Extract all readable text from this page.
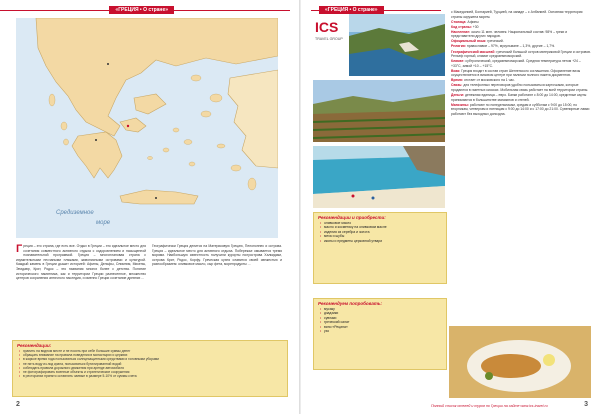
«ГРЕЦИЯ • О стране»
Средиземное
море
Г реция – это страна, где есть все. Отдых в Греции – это идеальное место для сочетания совместного активного отдыха с оздоровлением и насыщенной познавательной программой. Греция – многоплановая страна с изумительными песчаными пляжами, живописными островами и культурой. Каждый камень в Греции дышит историей: Афины, Дельфы, Олимпия, Микены, Эпидавр, Крит, Родос – это названия многих более с детства. Понятие исторического памятника, как и территории Греции разнесенное, множество центров сохранения античного наследия, и именно Греции сочетание древних ...
Географически Греция делится на Материковую Грецию, Пелопоннес и острова. Греция – идеальное место для активного отдыха. Побережье омывается тремя морями. Наибольшую известность получили курорты полуострова Халкидики, острова Крит, Родос, Корфу. Греческая кухня славится своей свежестью и разнообразием: оливковое масло, сыр фета, морепродукты ...
Рекомендации:
• хранить на видном месте и не носить при себе большие суммы денег
• обращать внимание на правила поведения в монастырях и церквях
• в жаркое время года пользоваться солнцезащитными средствами и головными уборами
• не пить воду из-под крана, пользоваться бутилированной водой
• соблюдать правила дорожного движения при аренде автомобиля
• не фотографировать военные объекты и стратегические сооружения
• в ресторанах принято оставлять чаевые в размере 5-10% от суммы счета
2
«ГРЕЦИЯ • О стране»
ICS
TRAVEL GROUP

с Македонией, Болгарией, Турцией, на западе – с Албанией. Основная территория страны окружена морем.

Столица: Афины

Код страны: +30

Население: около 11 млн. человек. Национальный состав: 98% – греки и представители других народов.

Официальный язык: греческий.

Религия: православие – 97%, мусульмане – 1,3%, другие – 1,7%.

Географический масштаб: греческий большой остров материковой Греции и островов. Рельеф горный, климат средиземноморский.

Климат: субтропический, средиземноморский. Средняя температура летом +24 – +33°С, зимой +10 – +15°С.

Виза: Греция входит в состав стран Шенгенского соглашения. Оформление визы осуществляется в визовом центре при наличии полного пакета документов.

Время: отстает от московского на 1 час.

Связь: для телефонных переговоров удобно пользоваться карточками, которые продаются в газетных киосках. Мобильная связь работает на всей территории страны.

Деньги: денежная единица – евро. Банки работают с 8:00 до 14:00, кредитные карты принимаются в большинстве магазинов и отелей.

Магазины: работают по понедельникам, средам и субботам с 9:00 до 15:00, по вторникам, четвергам и пятницам с 9:00 до 14:00 и с 17:00 до 21:00. Сувенирные лавки работают без выходных допоздна.

Рекомендации и приобрести:
• оливковое масло
• масло и косметику на оливковом масле
• изделия из серебра и золота
• меха и шубы
• иконы и предметы церковной утвари
Рекомендуем попробовать:
• мусаку
• дзадзики
• сувлаки
• греческий салат
• вино «Рецина»
• узо
Полный список отелей и туров по Греции на сайте www.ics-travel.ru	3
